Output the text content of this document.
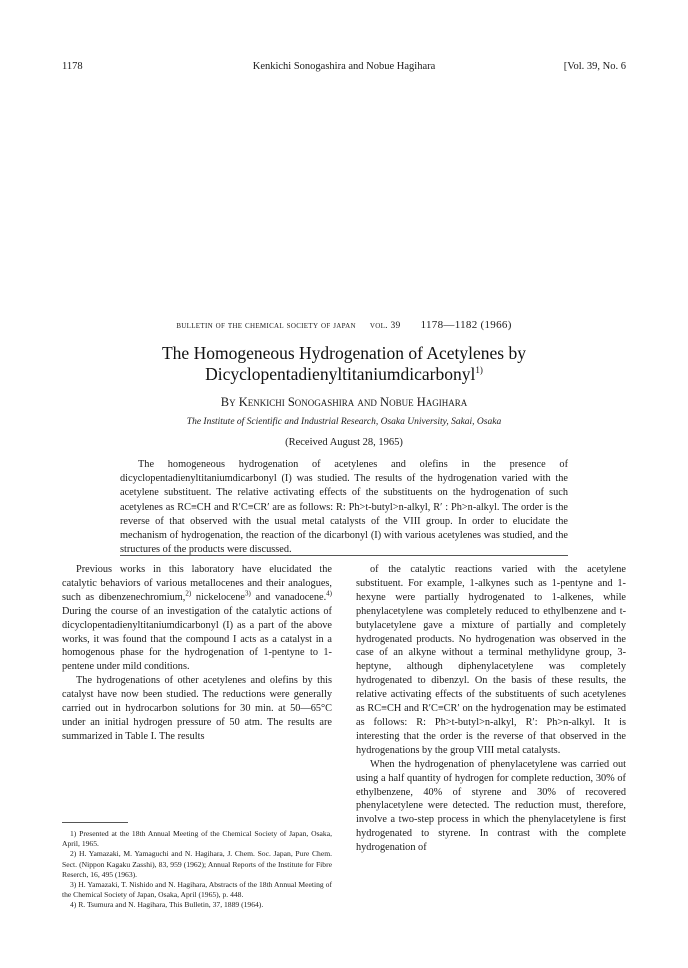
1178	Kenkichi Sonogashira and Nobue Hagihara	[Vol. 39, No. 6
bulletin of the chemical society of japan vol. 39 1178—1182 (1966)
The Homogeneous Hydrogenation of Acetylenes by
Dicyclopentadienyltitaniumdicarbonyl$^{1)}$
By Kenkichi Sonogashira and Nobue Hagihara
The Institute of Scientific and Industrial Research, Osaka University, Sakai, Osaka
(Received August 28, 1965)

The homogeneous hydrogenation of acetylenes and olefins in the presence of dicyclopentadienyltitaniumdicarbonyl (I) was studied. The results of the hydrogenation varied with the acetylene substituent. The relative activating effects of the substituents on the hydrogenation of such acetylenes as RC≡CH and R′C≡CR′ are as follows: R: Ph>t-butyl>n-alkyl, R′ : Ph>n-alkyl. The order is the reverse of that observed with the usual metal catalysts of the VIII group. In order to elucidate the mechanism of hydrogenation, the reaction of the dicarbonyl (I) with various acetylenes was studied, and the structures of the products were discussed.

Previous works in this laboratory have elucidated the catalytic behaviors of various metallocenes and their analogues, such as dibenzenechromium,$^{2)}$ nickelocene$^{3)}$ and vanadocene.$^{4)}$ During the course of an investigation of the catalytic actions of dicyclopentadienyltitaniumdicarbonyl (I) as a part of the above works, it was found that the compound I acts as a catalyst in a homogenous phase for the hydrogenation of 1-pentyne to 1-pentene under mild conditions.

The hydrogenations of other acetylenes and olefins by this catalyst have now been studied. The reductions were generally carried out in hydrocarbon solutions for 30 min. at 50—65°C under an initial hydrogen pressure of 50 atm. The results are summarized in Table I. The results

1) Presented at the 18th Annual Meeting of the Chemical Society of Japan, Osaka, April, 1965.
2) H. Yamazaki, M. Yamaguchi and N. Hagihara, J. Chem. Soc. Japan, Pure Chem. Sect. (Nippon Kagaku Zasshi), 83, 959 (1962); Annual Reports of the Institute for Fibre Reserch, 16, 495 (1963).
3) H. Yamazaki, T. Nishido and N. Hagihara, Abstracts of the 18th Annual Meeting of the Chemical Society of Japan, Osaka, April (1965), p. 448.
4) R. Tsumura and N. Hagihara, This Bulletin, 37, 1889 (1964).

of the catalytic reactions varied with the acetylene substituent. For example, 1-alkynes such as 1-pentyne and 1-hexyne were partially hydrogenated to 1-alkenes, while phenylacetylene was completely reduced to ethylbenzene and t-butylacetylene gave a mixture of partially and completely hydrogenated products. No hydrogenation was observed in the case of an alkyne without a terminal methylidyne group, 3-heptyne, although diphenylacetylene was completely hydrogenated to dibenzyl. On the basis of these results, the relative activating effects of the substituents of such acetylenes as RC≡CH and R′C≡CR′ on the hydrogenation may be estimated as follows: R: Ph>t-butyl>n-alkyl, R′: Ph>n-alkyl. It is interesting that the order is the reverse of that observed in the hydrogenations by the group VIII metal catalysts.

When the hydrogenation of phenylacetylene was carried out using a half quantity of hydrogen for complete reduction, 30% of ethylbenzene, 40% of styrene and 30% of recovered phenylacetylene were detected. The reduction must, therefore, involve a two-step process in which the phenylacetylene is first hydrogenated to styrene. In contrast with the complete hydrogenation of
